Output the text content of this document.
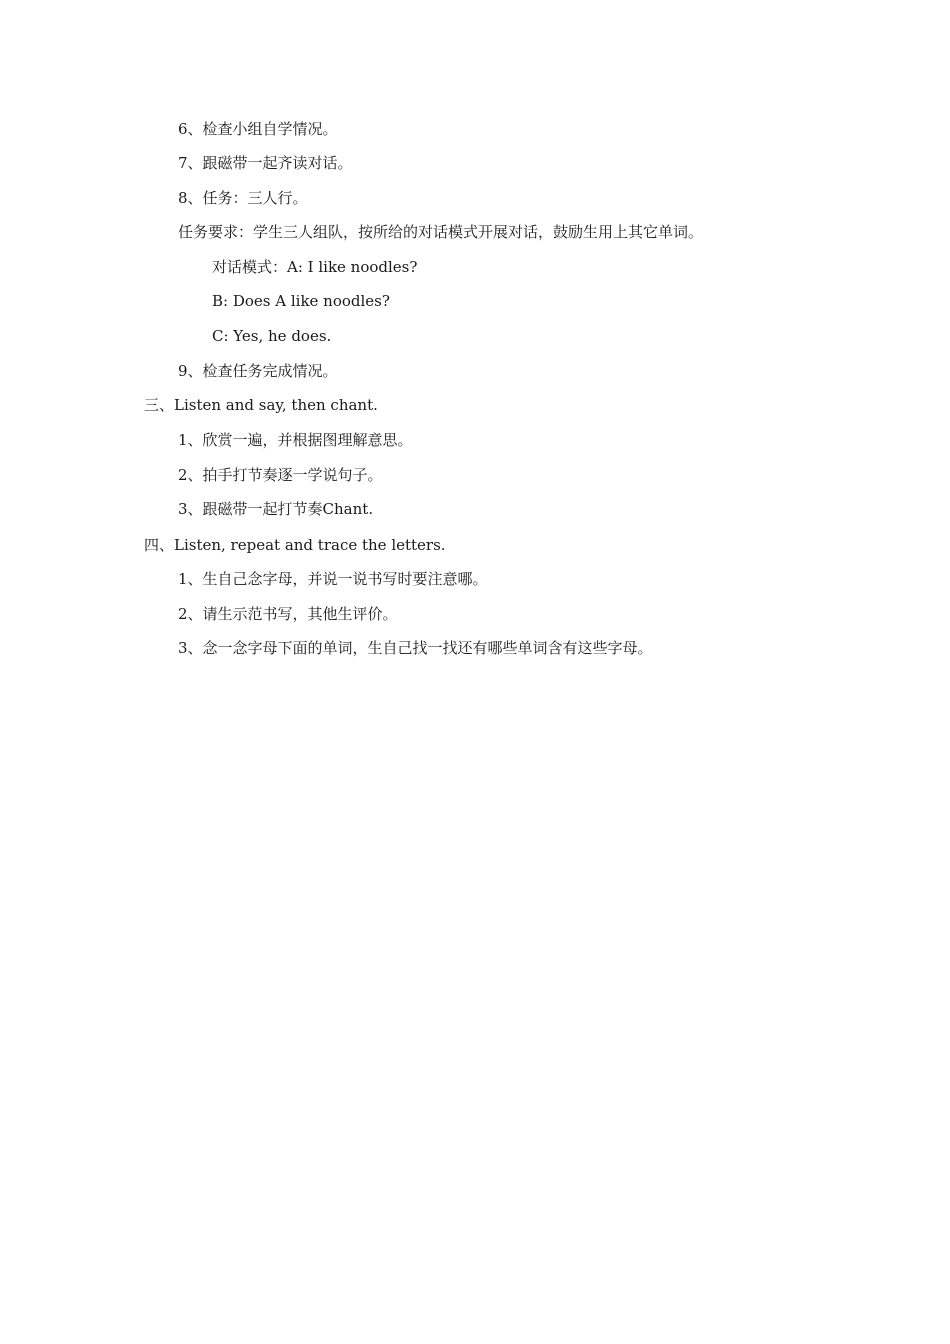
6、检查小组自学情况。
7、跟磁带一起齐读对话。
8、任务：三人行。
任务要求：学生三人组队，按所给的对话模式开展对话，鼓励生用上其它单词。
对话模式：A: I like noodles?
B: Does A like noodles?
C: Yes, he does.
9、检查任务完成情况。
三、Listen and say, then chant.
1、欣赏一遍，并根据图理解意思。
2、拍手打节奏逐一学说句子。
3、跟磁带一起打节奏Chant.
四、Listen, repeat and trace the letters.
1、生自己念字母，并说一说书写时要注意哪。
2、请生示范书写，其他生评价。
3、念一念字母下面的单词，生自己找一找还有哪些单词含有这些字母。
